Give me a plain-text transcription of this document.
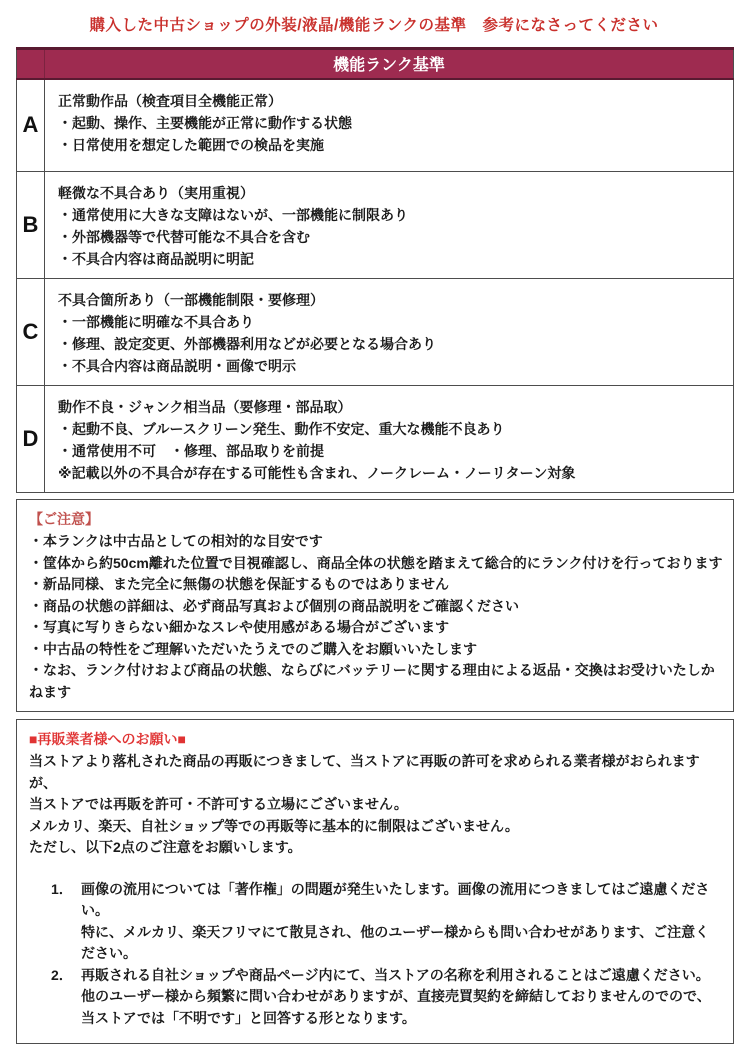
購入した中古ショップの外装/液晶/機能ランクの基準　参考になさってください
	機能ランク基準
A	正常動作品（検査項目全機能正常）
・起動、操作、主要機能が正常に動作する状態
・日常使用を想定した範囲での検品を実施

B	軽微な不具合あり（実用重視）
・通常使用に大きな支障はないが、一部機能に制限あり
・外部機器等で代替可能な不具合を含む
・不具合内容は商品説明に明記

C	不具合箇所あり（一部機能制限・要修理）
・一部機能に明確な不具合あり
・修理、設定変更、外部機器利用などが必要となる場合あり
・不具合内容は商品説明・画像で明示

D	動作不良・ジャンク相当品（要修理・部品取）
・起動不良、ブルースクリーン発生、動作不安定、重大な機能不良あり
・通常使用不可　・修理、部品取りを前提
※記載以外の不具合が存在する可能性も含まれ、ノークレーム・ノーリターン対象
【ご注意】
・本ランクは中古品としての相対的な目安です
・筐体から約50cm離れた位置で目視確認し、商品全体の状態を踏まえて総合的にランク付けを行っております
・新品同様、また完全に無傷の状態を保証するものではありません
・商品の状態の詳細は、必ず商品写真および個別の商品説明をご確認ください
・写真に写りきらない細かなスレや使用感がある場合がございます
・中古品の特性をご理解いただいたうえでのご購入をお願いいたします
・なお、ランク付けおよび商品の状態、ならびにバッテリーに関する理由による返品・交換はお受けいたしかねます
■再販業者様へのお願い■
当ストアより落札された商品の再販につきまして、当ストアに再販の許可を求められる業者様がおられますが、
当ストアでは再販を許可・不許可する立場にございません。
メルカリ、楽天、自社ショップ等での再販等に基本的に制限はございません。
ただし、以下2点のご注意をお願いします。
1． 画像の流用については「著作権」の問題が発生いたします。画像の流用につきましてはご遠慮ください。
特に、メルカリ、楽天フリマにて散見され、他のユーザー様からも問い合わせがあります、ご注意ください。
2． 再販される自社ショップや商品ページ内にて、当ストアの名称を利用されることはご遠慮ください。
他のユーザー様から頻繁に問い合わせがありますが、直接売買契約を締結しておりませんのでので、
当ストアでは「不明です」と回答する形となります。
